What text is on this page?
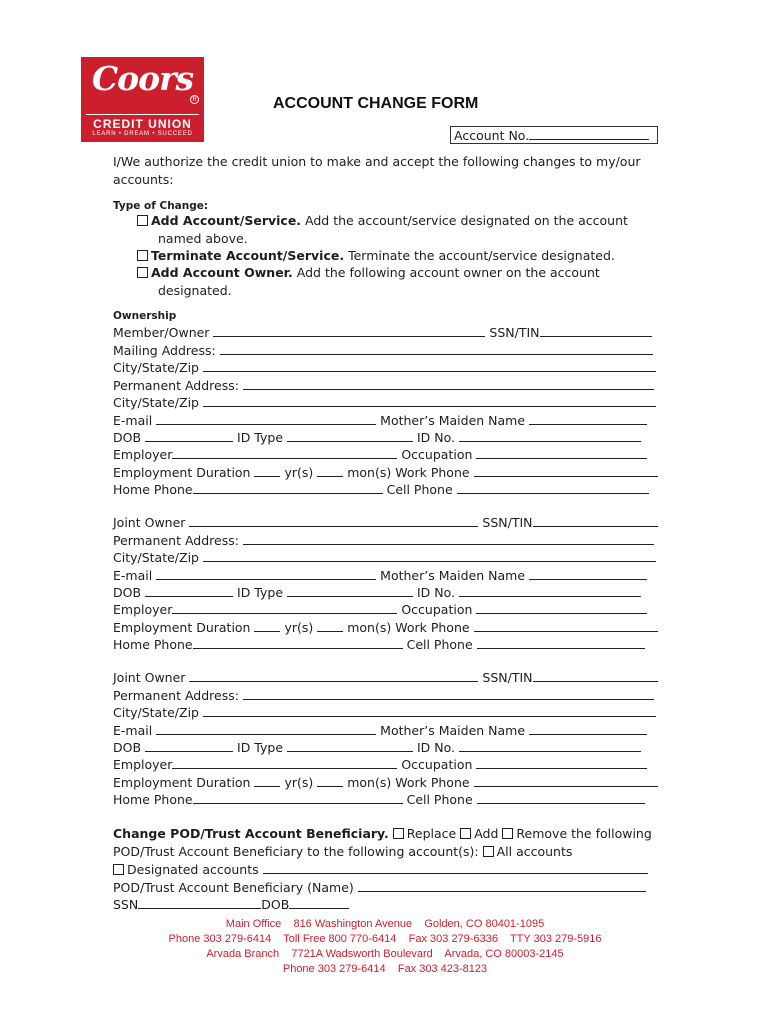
Coors
R
CREDIT UNION
LEARN • DREAM • SUCCEED
ACCOUNT CHANGE FORM
Account No.
I/We authorize the credit union to make and accept the following changes to my/our
accounts:
Type of Change:
Add Account/Service. Add the account/service designated on the account
named above.
Terminate Account/Service. Terminate the account/service designated.
Add Account Owner. Add the following account owner on the account
designated.
Ownership
Member/Owner	SSN/TIN
Mailing Address:
City/State/Zip
Permanent Address:
City/State/Zip
E-mail	Mother’s Maiden Name
DOB	ID Type	ID No.
Employer	Occupation
Employment Duration	yr(s)	mon(s) Work Phone
Home Phone	Cell Phone
Joint Owner	SSN/TIN
Permanent Address:
City/State/Zip
E-mail	Mother’s Maiden Name
DOB	ID Type	ID No.
Employer	Occupation
Employment Duration	yr(s)	mon(s) Work Phone
Home Phone	Cell Phone
Joint Owner	SSN/TIN
Permanent Address:
City/State/Zip
E-mail	Mother’s Maiden Name
DOB	ID Type	ID No.
Employer	Occupation
Employment Duration	yr(s)	mon(s) Work Phone
Home Phone	Cell Phone
Change POD/Trust Account Beneficiary. Replace Add Remove the following
POD/Trust Account Beneficiary to the following account(s): All accounts
Designated accounts
POD/Trust Account Beneficiary (Name)
SSN	DOB
Main Office    816 Washington Avenue    Golden, CO 80401-1095
Phone 303 279-6414    Toll Free 800 770-6414    Fax 303 279-6336    TTY 303 279-5916
Arvada Branch    7721A Wadsworth Boulevard    Arvada, CO 80003-2145
Phone 303 279-6414    Fax 303 423-8123
